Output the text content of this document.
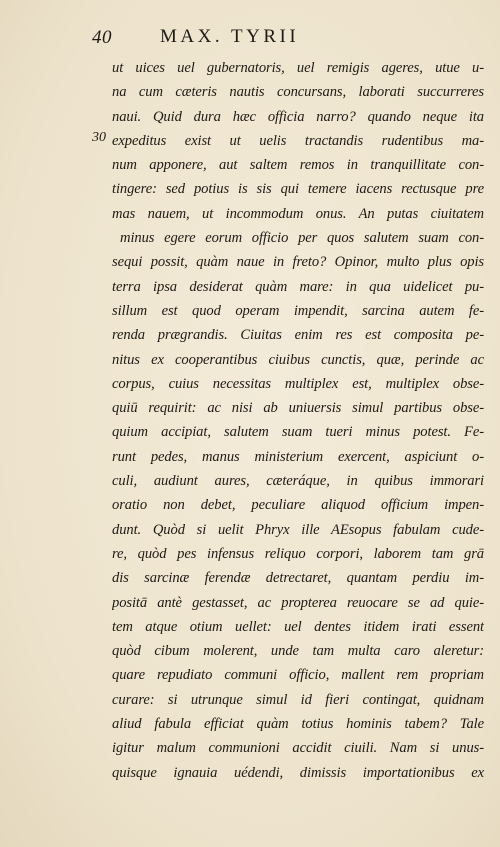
40	MAX. TYRII
30
ut uices uel gubernatoris, uel remigis ageres, utue u-
na cum cæteris nautis concursans, laborati succurreres
naui. Quid dura hæc officia narro? quando neque ita
expeditus exist ut uelis tractandis rudentibus ma-
num apponere, aut saltem remos in tranquillitate con-
tingere: sed potius is sis qui temere iacens rectusque pre
mas nauem, ut incommodum onus. An putas ciuitatem
minus egere eorum officio per quos salutem suam con-
sequi possit, quàm naue in freto? Opinor, multo plus opis
terra ipsa desiderat quàm mare: in qua uidelicet pu-
sillum est quod operam impendit, sarcina autem fe-
renda prægrandis. Ciuitas enim res est composita pe-
nitus ex cooperantibus ciuibus cunctis, quæ, perinde ac
corpus, cuius necessitas multiplex est, multiplex obse-
quiū requirit: ac nisi ab uniuersis simul partibus obse-
quium accipiat, salutem suam tueri minus potest. Fe-
runt pedes, manus ministerium exercent, aspiciunt o-
culi, audiunt aures, cæteráque, in quibus immorari
oratio non debet, peculiare aliquod officium impen-
dunt. Quòd si uelit Phryx ille AEsopus fabulam cude-
re, quòd pes infensus reliquo corpori, laborem tam grā
dis sarcinæ ferendæ detrectaret, quantam perdiu im-
positā antè gestasset, ac propterea reuocare se ad quie-
tem atque otium uellet: uel dentes itidem irati essent
quòd cibum molerent, unde tam multa caro aleretur:
quare repudiato communi officio, mallent rem propriam
curare: si utrunque simul id fieri contingat, quidnam
aliud fabula efficiat quàm totius hominis tabem? Tale
igitur malum communioni accidit ciuili. Nam si unus-
quisque ignauia uédendi, dimissis importationibus ex
